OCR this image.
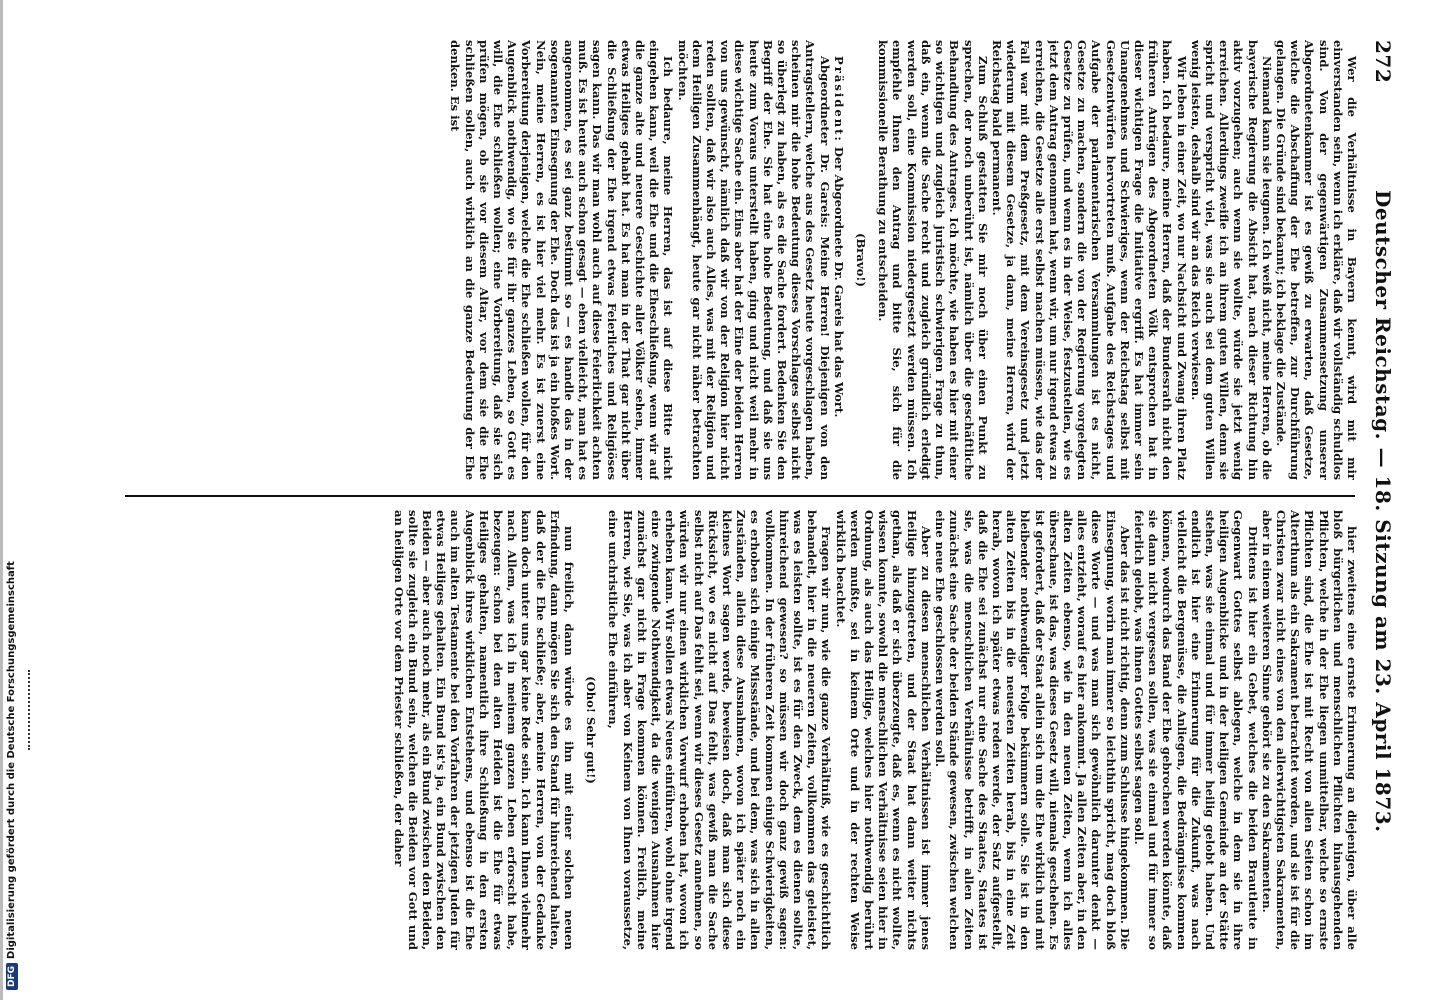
272
Deutscher Reichstag. — 18. Sitzung am 23. April 1873.

Wer die Verhältnisse in Bayern kennt, wird mit mir einverstanden sein, wenn ich erkläre, daß wir vollständig schuldlos sind. Von der gegenwärtigen Zusammensetzung unserer Abgeordnetenkammer ist es gewiß zu erwarten, daß Gesetze, welche die Abschaffung der Ehe betreffen, zur Durchführung gelangen. Die Gründe sind bekannt; ich beklage die Zustände.

Niemand kann sie leugnen. Ich weiß nicht, meine Herren, ob die bayerische Regierung die Absicht hat, nach dieser Richtung hin aktiv vorzugehen; auch wenn sie wollte, würde sie jetzt wenig erreichen. Allerdings zweifle ich an ihrem guten Willen, denn sie spricht und verspricht viel, was sie auch sei dem guten Willen wenig leisten, deshalb sind wir an das Reich verwiesen.

Wir leben in einer Zeit, wo nur Nachsicht und Zwang ihren Platz haben. Ich bedaure, meine Herren, daß der Bundesrath nicht den früheren Anträgen des Abgeordneten Völk entsprochen hat in dieser wichtigen Frage die Initiative ergriff. Es hat immer sein Unangenehmes und Schwieriges, wenn der Reichstag selbst mit Gesetzentwürfen hervortreten muß. Aufgabe des Reichstages und Aufgabe der parlamentarischen Versammlungen ist es nicht, Gesetze zu machen, sondern die von der Regierung vorgelegten Gesetze zu prüfen, und wenn es in der Weise, festzustellen, wie es jetzt dem Antrag genommen hat, wenn wir, um nur irgend etwas zu erreichen, die Gesetze alle erst selbst machen müssen, wie das der Fall war mit dem Preßgesetz, mit dem Vereinsgesetz und jetzt wiederum mit diesem Gesetze, ja dann, meine Herren, wird der Reichstag bald permanent.

Zum Schluß gestatten Sie mir noch über einen Punkt zu sprechen, der noch unberührt ist, nämlich über die geschäftliche Behandlung des Antrages. Ich möchte, wie haben es hier mit einer so wichtigen und zugleich juristisch schwierigen Frage zu thun, daß ein, wenn die Sache recht und zugleich gründlich erledigt werden soll, eine Kommission niedergesetzt werden müssen. Ich empfehle Ihnen den Antrag und bitte Sie, sich für die kommissionelle Berathung zu entscheiden.

(Bravo!)

Präsident: Der Abgeordnete Dr. Gareis hat das Wort.

Abgeordneter Dr. Gareis: Meine Herren! Diejenigen von den Antragstellern, welche aus des Gesetz heute vorgeschlagen haben, scheinen mir die hohe Bedeutung dieses Vorschlages selbst nicht so überlegt zu haben, als es die Sache fordert. Bedenken Sie den Begriff der Ehe. Sie hat eine hohe Bedeutung, und daß sie uns heute zum Voraus unterstellt haben, ging und nicht weil mehr in diese wichtige Sache ein. Eins aber hat der Eine der beiden Herren von uns gewünscht, nämlich daß wir von der Religion hier nicht reden sollten, daß wir also auch Alles, was mit der Religion und dem Heiligen Zusammenhängt, heute gar nicht näher betrachten möchten.

Ich bedaure, meine Herren, das ist auf diese Bitte nicht eingehen kann, weil die Ehe und die Eheschließung, wenn wir auf die ganze alte und neuere Geschichte aller Völker sehen, immer etwas Heiliges gehabt hat. Es hat man in der That gar nicht über die Schließung der Ehe irgend etwas Feierliches und Religiöses sagen kann. Das wir man wohl auch auf diese Feierlichkeit achten muß. Es ist heute auch schon gesagt — eben vielleicht, man hat es angenommen, es sei ganz bestimmt so — es handle das in der sogenannten Einsegnung der Ehe. Doch das ist ja ein bloßes Wort. Nein, meine Herren, es ist hier viel mehr. Es ist zuerst eine Vorbereitung derjenigen, welche die Ehe schließen wollen, für den Augenblick nothwendig, wo sie für ihr ganzes Leben, so Gott es will, die Ehe schließen wollen; eine Vorbereitung, daß sie sich prüfen mögen, ob sie vor diesem Altar, vor dem sie die Ehe schließen sollen, auch wirklich an die ganze Bedeutung der Ehe denken. Es ist

hier zweitens eine ernste Erinnerung an diejenigen, über alle bloß bürgerlichen und menschlichen Pflichten hinausgehenden Pflichten, welche in der Ehe liegen unmittelbar, welche so ernste Pflichten sind, die Ehe ist mit Recht von allen Seiten schon im Alterthum als ein Sakrament betrachtet worden, und sie ist für die Christen zwar nicht eines von den allerwichtigsten Sakramenten, aber in einem weiteren Sinne gehört sie zu den Sakramenten.

Drittens ist hier ein Gebet, welches die beiden Brautleute in Gegenwart Gottes selbst ablegen, welche in dem sie in ihre heiligen Augenblicke und in der heiligen Gemeinde an der Stätte stehen, was sie einmal und für immer heilig gelobt haben. Und endlich ist hier eine Erinnerung für die Zukunft, was nach vielleicht die Bergenüsse, die Anliegen, die Bedrängnisse kommen können, wodurch das Band der Ehe gebrochen werden könnte, daß sie dann nicht vergessen sollen, was sie einmal und für immer so feierlich gelobt, was ihnen Gottes selbst sagen soll.

Aber das ist nicht richtig, denn zum Schlusse hingekommen. Die Einsegnung, worin man immer so leichthin spricht, mag doch bloß diese Worte — und was man sich gewöhnlich darunter denkt — alles entzieht, worauf es hier ankommt. Ja allen Zeiten aber, in den alten Zeiten ebenso, wie in den neuen Zeiten, wenn ich alles überschaue, ist das, was dieses Gesetz will, niemals geschehen. Es ist gefordert, daß der Staat allein sich um die Ehe wirklich und mit bleibender nothwendiger Folge bekümmern solle. Sie ist in den alten Zeiten bis in die neuesten Zeiten herab, bis in eine Zeit herab, wovon ich später etwas reden werde, der Satz aufgestellt, daß die Ehe sei zunächst nur eine Sache des Staates, Staates ist sie, was die menschlichen Verhältnisse betrifft, in allen Zeiten zunächst eine Sache der beiden Stände gewesen, zwischen welchen eine neue Ehe geschlossen werden soll.

Aber zu diesen menschlichen Verhältnissen ist immer jenes Heilige hinzugetreten, und der Staat hat dann weiter nichts gethan, als daß er sich überzeugte, daß es, wenn es nicht wollte, wissen konnte, sowohl die menschlichen Verhältnisse seien hier in Ordnung, als auch das Heilige, welches hier nothwendig berührt werden mußte, sei in keinem Orte und in der rechten Weise wirklich beachtet.

Fragen wir nun, wie die ganze Verhältniß, wie es geschichtlich behandelt, hier in die neueren Zeiten, vollkommen das geleistet, was es leisten sollte, ist es für den Zweck, dem es dienen sollte, hinreichend gewesen? so müssen wir doch ganz gewiß sagen: vollkommen. In der früheren Zeit kommen einige Schwierigkeiten, es erhoben sich einige Missstände, und bei dem, was sich in allen Zuständen, allein diese Ausnahmen, wovon ich später noch ein kleines Wort sagen werde, beweisen doch, daß man sich diese Rücksicht, wo es nicht auf Das fehlt, was gewiß man die Sache selbst nicht auf Das fehlt sei, wenn wir dieses Gesetz annehmen, so würden wir nur einen wirklichen Vorwurf erhoben hat, wovon ich erheben kann. Wir sollen etwas Neues einführen, wohl ohne irgend eine zwingende Nothwendigkeit, da die wenigen Ausnahmen hier zunächst gar nicht in Frage kommen können. Freilich, meine Herren, wie Sie, was ich aber von Keinem von Ihnen voraussetze, eine unchristliche Ehe einführen,

(Oho! Sehr gut!)

nun freilich, dann würde es ihn mit einer solchen neuen Erfindung, dann mögen Sie sich den Stand für hinreichend halten, daß der die Ehe schließe; aber, meine Herren, von der Gedanke kann doch unter uns gar keine Rede sein. Ich kann Ihnen vielmehr nach Allem, was ich in meinem ganzen Leben erforscht habe, bezeugen: schon bei den alten Heiden ist die Ehe für etwas Heiliges gehalten, namentlich ihre Schließung in den ersten Augenblick ihres wirklichen Entstehens, und ebenso ist die Ehe auch im alten Testamente bei den Vorfahren der jetzigen Juden für etwas Heiliges gehalten. Ein Bund ist's ja, ein Bund zwischen den Beiden — aber auch noch mehr, als ein Bund zwischen den Beiden, sollte sie zugleich ein Bund sein, welchen die Beiden vor Gott und an heiligen Orte vor dem Priester schließen, der daher

DFGDigitalisierung gefördert durch die Deutsche Forschungsgemeinschaft
